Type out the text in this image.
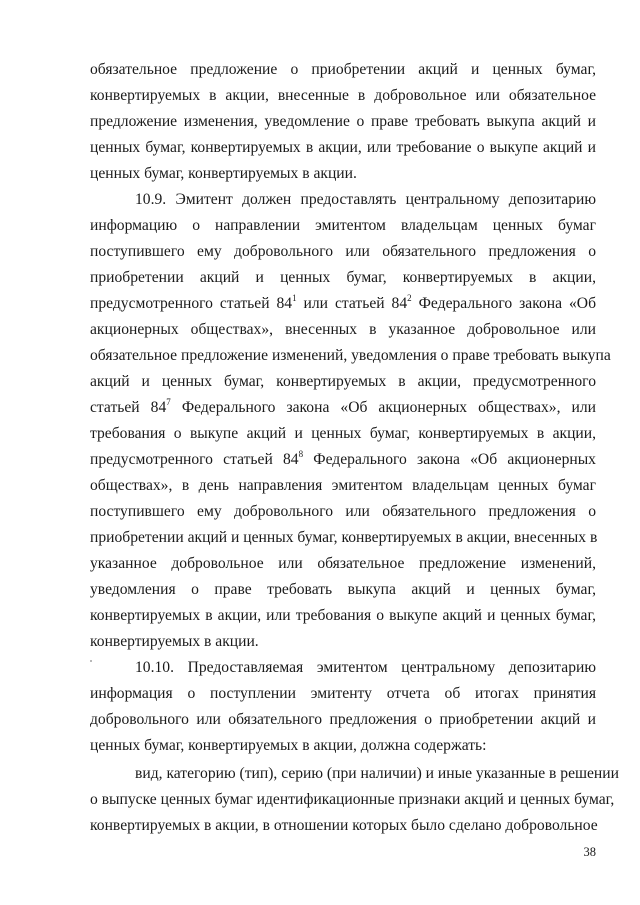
обязательное предложение о приобретении акций и ценных бумаг,
конвертируемых в акции, внесенные в добровольное или обязательное
предложение изменения, уведомление о праве требовать выкупа акций и
ценных бумаг, конвертируемых в акции, или требование о выкупе акций и
ценных бумаг, конвертируемых в акции.
10.9. Эмитент должен предоставлять центральному депозитарию
информацию о направлении эмитентом владельцам ценных бумаг
поступившего ему добровольного или обязательного предложения о
приобретении акций и ценных бумаг, конвертируемых в акции,
предусмотренного статьей $84^1$ или статьей $84^2$ Федерального закона «Об
акционерных обществах», внесенных в указанное добровольное или
обязательное предложение изменений, уведомления о праве требовать выкупа
акций и ценных бумаг, конвертируемых в акции, предусмотренного
статьей $84^7$ Федерального закона «Об акционерных обществах», или
требования о выкупе акций и ценных бумаг, конвертируемых в акции,
предусмотренного статьей $84^8$ Федерального закона «Об акционерных
обществах», в день направления эмитентом владельцам ценных бумаг
поступившего ему добровольного или обязательного предложения о
приобретении акций и ценных бумаг, конвертируемых в акции, внесенных в
указанное добровольное или обязательное предложение изменений,
уведомления о праве требовать выкупа акций и ценных бумаг,
конвертируемых в акции, или требования о выкупе акций и ценных бумаг,
конвертируемых в акции.
10.10. Предоставляемая эмитентом центральному депозитарию
информация о поступлении эмитенту отчета об итогах принятия
добровольного или обязательного предложения о приобретении акций и
ценных бумаг, конвертируемых в акции, должна содержать:
вид, категорию (тип), серию (при наличии) и иные указанные в решении
о выпуске ценных бумаг идентификационные признаки акций и ценных бумаг,
конвертируемых в акции, в отношении которых было сделано добровольное
38
